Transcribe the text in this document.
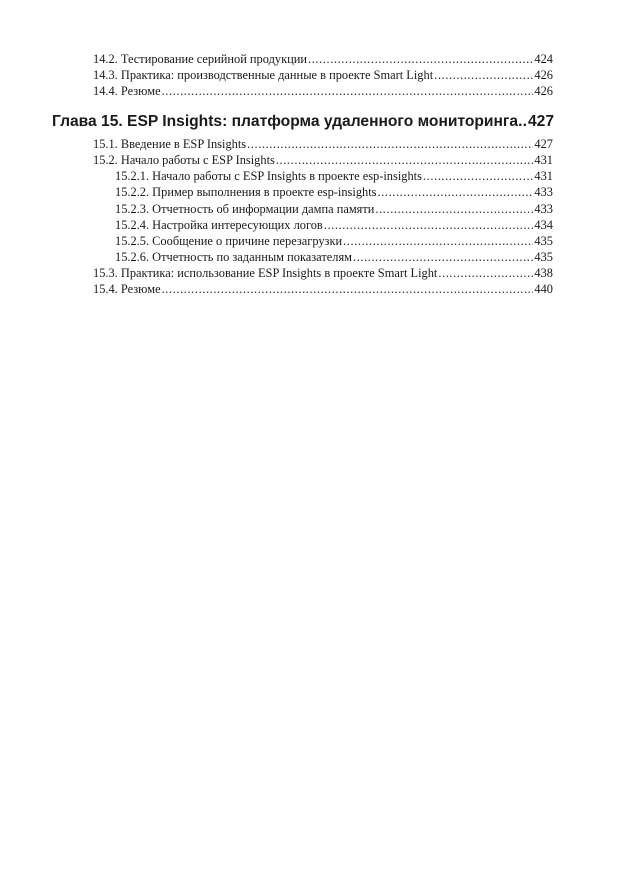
14.2. Тестирование серийной продукции .....	424
14.3. Практика: производственные данные в проекте Smart Light .....	426
14.4. Резюме .....	426
Глава 15. ESP Insights: платформа удаленного мониторинга ..... 427
15.1. Введение в ESP Insights .....	427
15.2. Начало работы с ESP Insights .....	431
15.2.1. Начало работы с ESP Insights в проекте esp-insights .....	431
15.2.2. Пример выполнения в проекте esp-insights .....	433
15.2.3. Отчетность об информации дампа памяти .....	433
15.2.4. Настройка интересующих логов .....	434
15.2.5. Сообщение о причине перезагрузки .....	435
15.2.6. Отчетность по заданным показателям .....	435
15.3. Практика: использование ESP Insights в проекте Smart Light .....	438
15.4. Резюме .....	440
